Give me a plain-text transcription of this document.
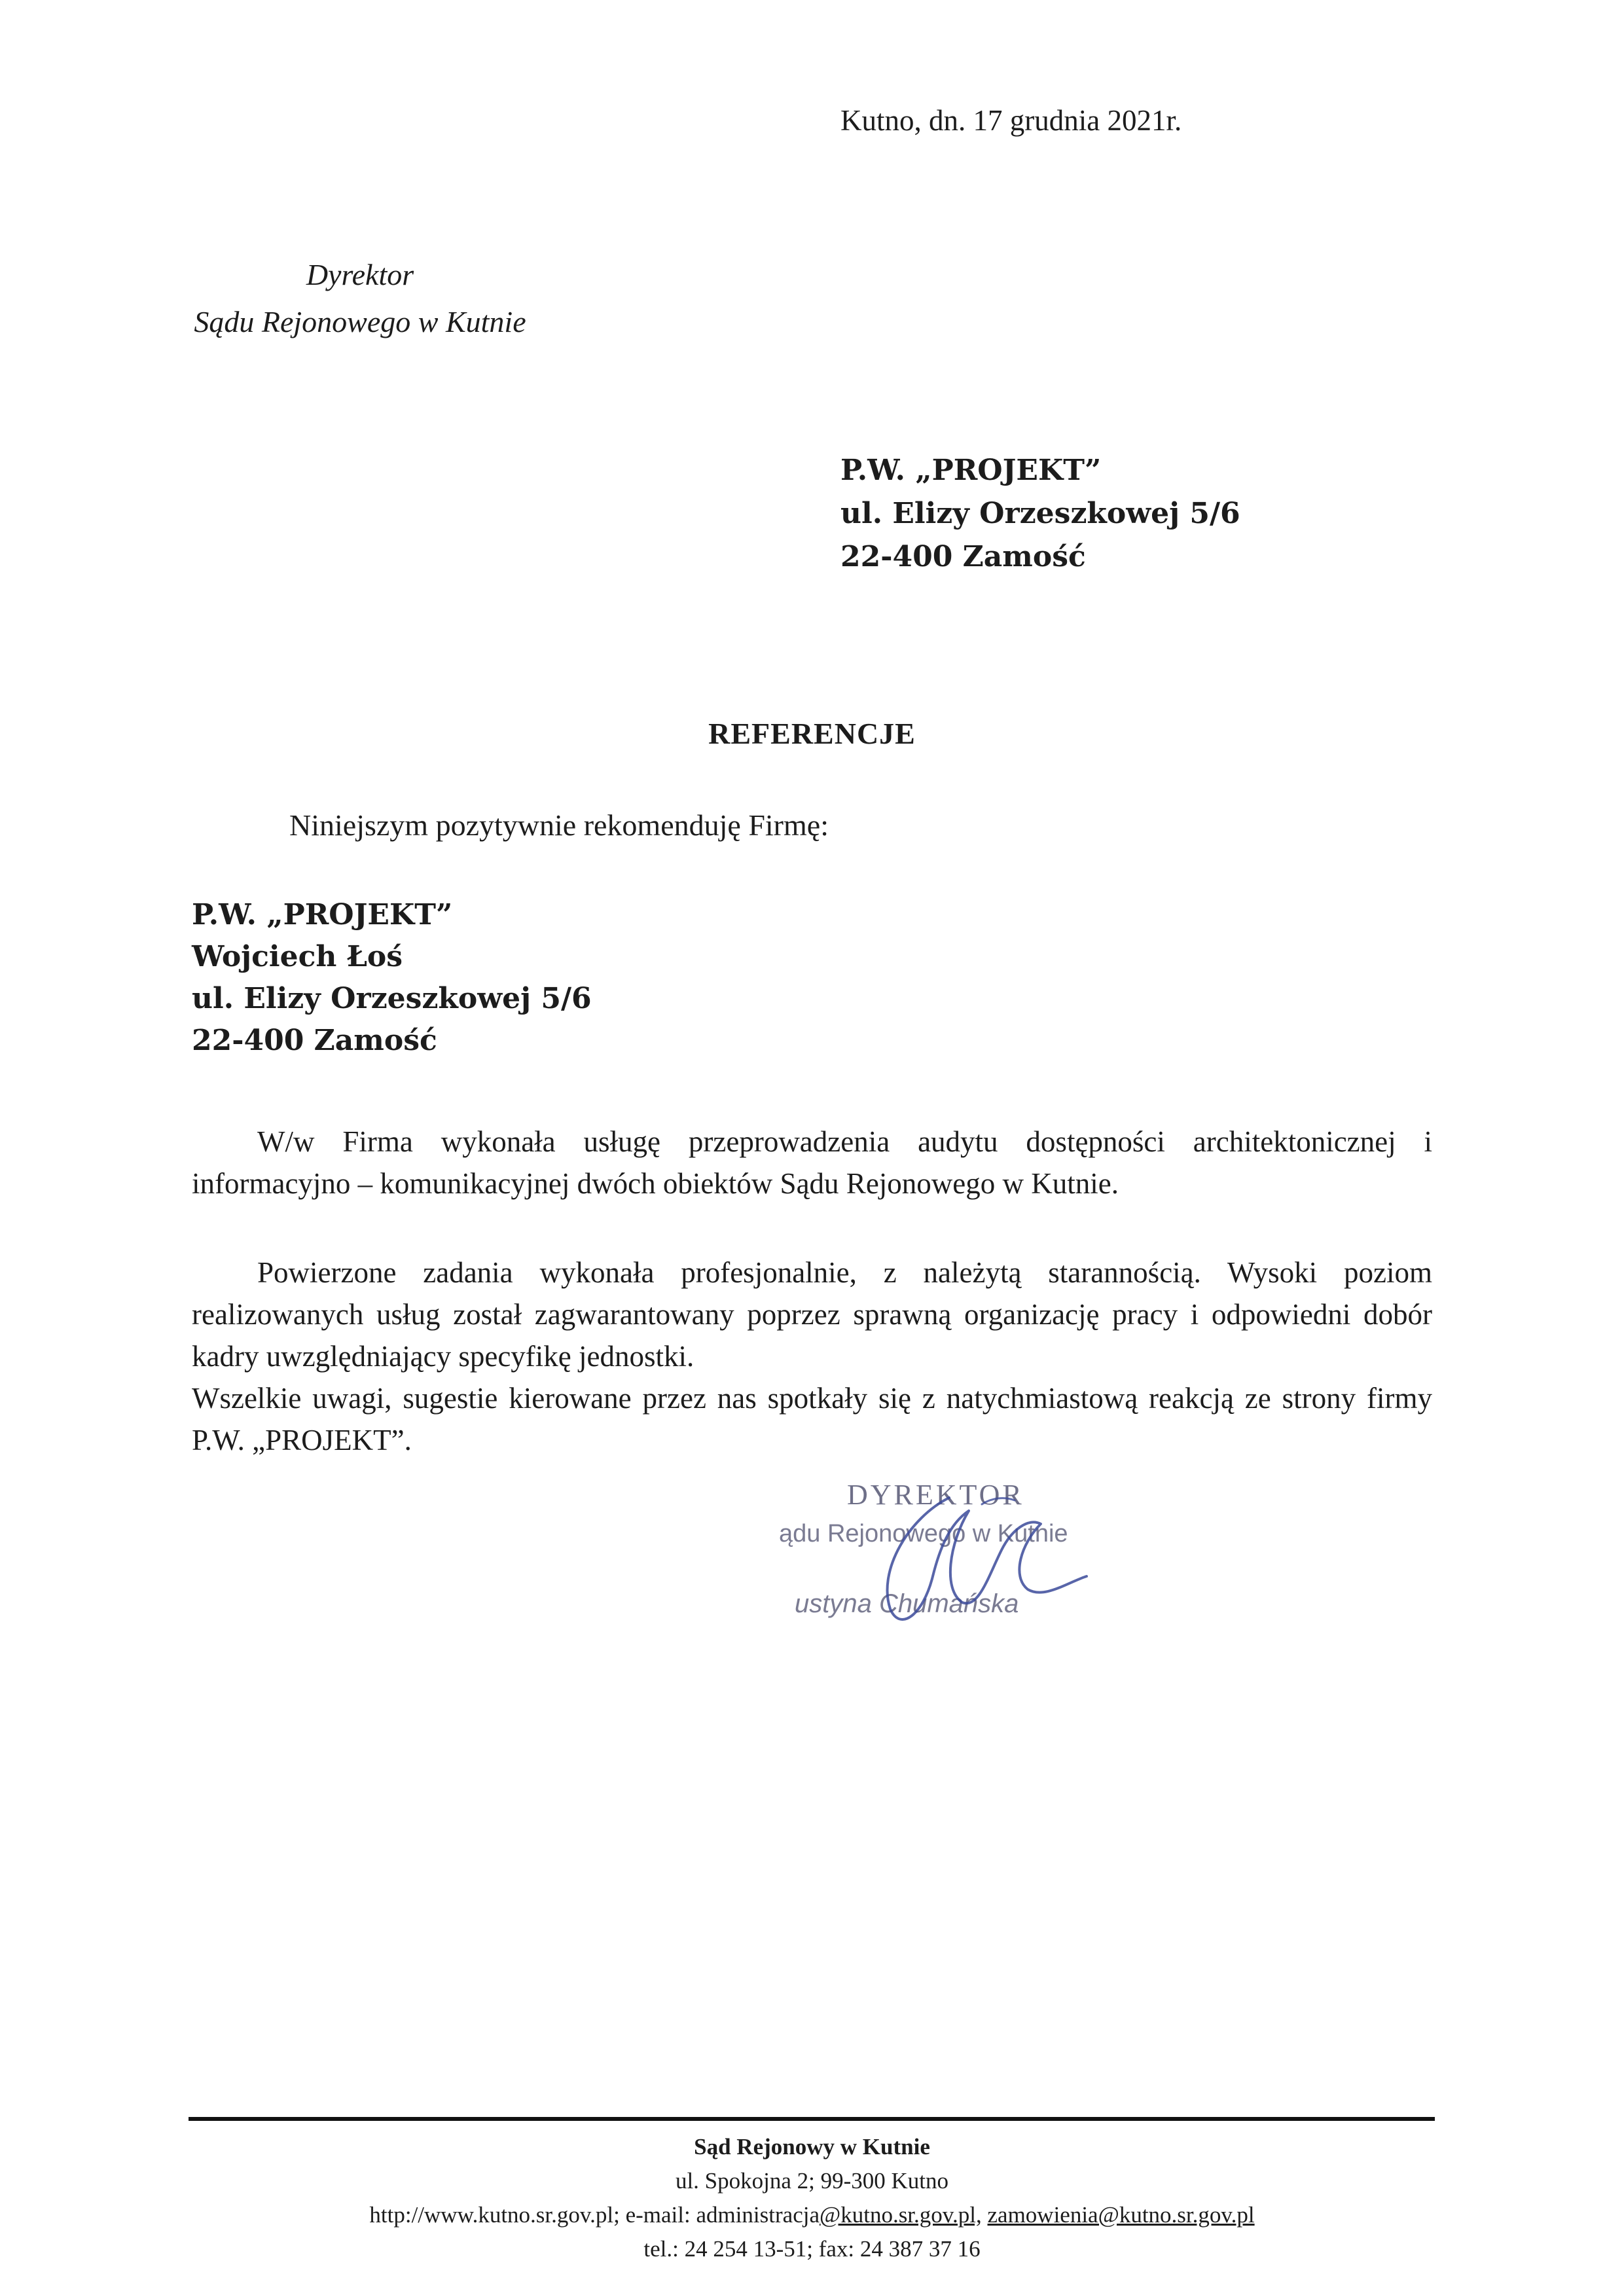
Kutno, dn. 17 grudnia 2021r.
Dyrektor
Sądu Rejonowego w Kutnie
P.W. „PROJEKT”
ul. Elizy Orzeszkowej 5/6
22-400 Zamość
REFERENCJE
Niniejszym pozytywnie rekomenduję Firmę:
P.W. „PROJEKT”
Wojciech Łoś
ul. Elizy Orzeszkowej 5/6
22-400 Zamość

W/w Firma wykonała usługę przeprowadzenia audytu dostępności architektonicznej i informacyjno – komunikacyjnej dwóch obiektów Sądu Rejonowego w Kutnie.

Powierzone zadania wykonała profesjonalnie, z należytą starannością. Wysoki poziom realizowanych usług został zagwarantowany poprzez sprawną organizację pracy i odpowiedni dobór kadry uwzględniający specyfikę jednostki.

Wszelkie uwagi, sugestie kierowane przez nas spotkały się z natychmiastową reakcją ze strony firmy P.W. „PROJEKT”.

DYREKTOR
ądu Rejonowego w Kutnie
ustyna Chumańska
Sąd Rejonowy w Kutnie
ul. Spokojna 2; 99-300 Kutno
http://www.kutno.sr.gov.pl; e-mail: administracja@kutno.sr.gov.pl, zamowienia@kutno.sr.gov.pl
tel.: 24 254 13-51; fax: 24 387 37 16
